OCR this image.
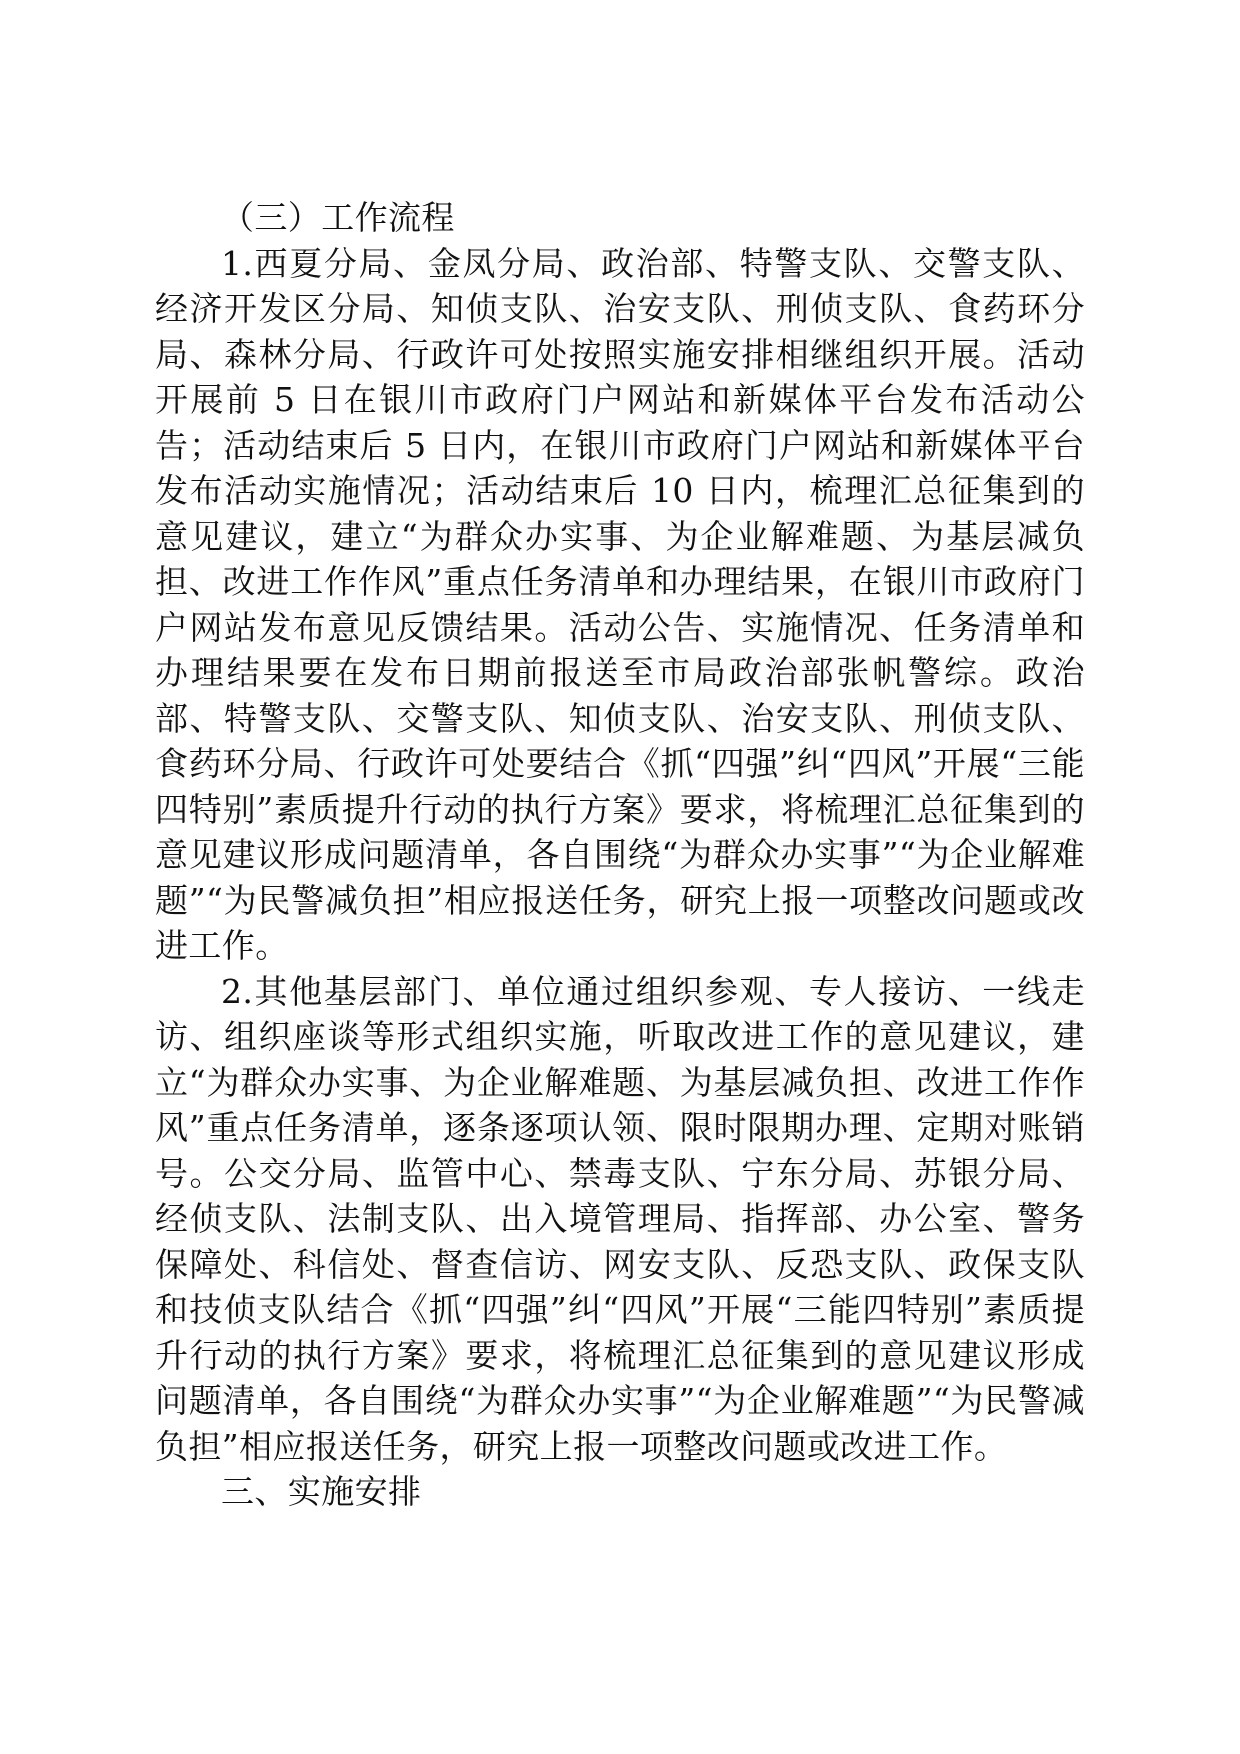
（三）工作流程

1.西夏分局、金凤分局、政治部、特警支队、交警支队、经济开发区分局、知侦支队、治安支队、刑侦支队、食药环分局、森林分局、行政许可处按照实施安排相继组织开展。活动开展前 5 日在银川市政府门户网站和新媒体平台发布活动公告；活动结束后 5 日内，在银川市政府门户网站和新媒体平台发布活动实施情况；活动结束后 10 日内，梳理汇总征集到的意见建议，建立“为群众办实事、为企业解难题、为基层减负担、改进工作作风”重点任务清单和办理结果，在银川市政府门户网站发布意见反馈结果。活动公告、实施情况、任务清单和办理结果要在发布日期前报送至市局政治部张帆警综。政治部、特警支队、交警支队、知侦支队、治安支队、刑侦支队、食药环分局、行政许可处要结合《抓“四强”纠“四风”开展“三能四特别”素质提升行动的执行方案》要求，将梳理汇总征集到的意见建议形成问题清单，各自围绕“为群众办实事”“为企业解难题”“为民警减负担”相应报送任务，研究上报一项整改问题或改进工作。

2.其他基层部门、单位通过组织参观、专人接访、一线走访、组织座谈等形式组织实施，听取改进工作的意见建议，建立“为群众办实事、为企业解难题、为基层减负担、改进工作作风”重点任务清单，逐条逐项认领、限时限期办理、定期对账销号。公交分局、监管中心、禁毒支队、宁东分局、苏银分局、经侦支队、法制支队、出入境管理局、指挥部、办公室、警务保障处、科信处、督查信访、网安支队、反恐支队、政保支队和技侦支队结合《抓“四强”纠“四风”开展“三能四特别”素质提升行动的执行方案》要求，将梳理汇总征集到的意见建议形成问题清单，各自围绕“为群众办实事”“为企业解难题”“为民警减负担”相应报送任务，研究上报一项整改问题或改进工作。

三、实施安排
